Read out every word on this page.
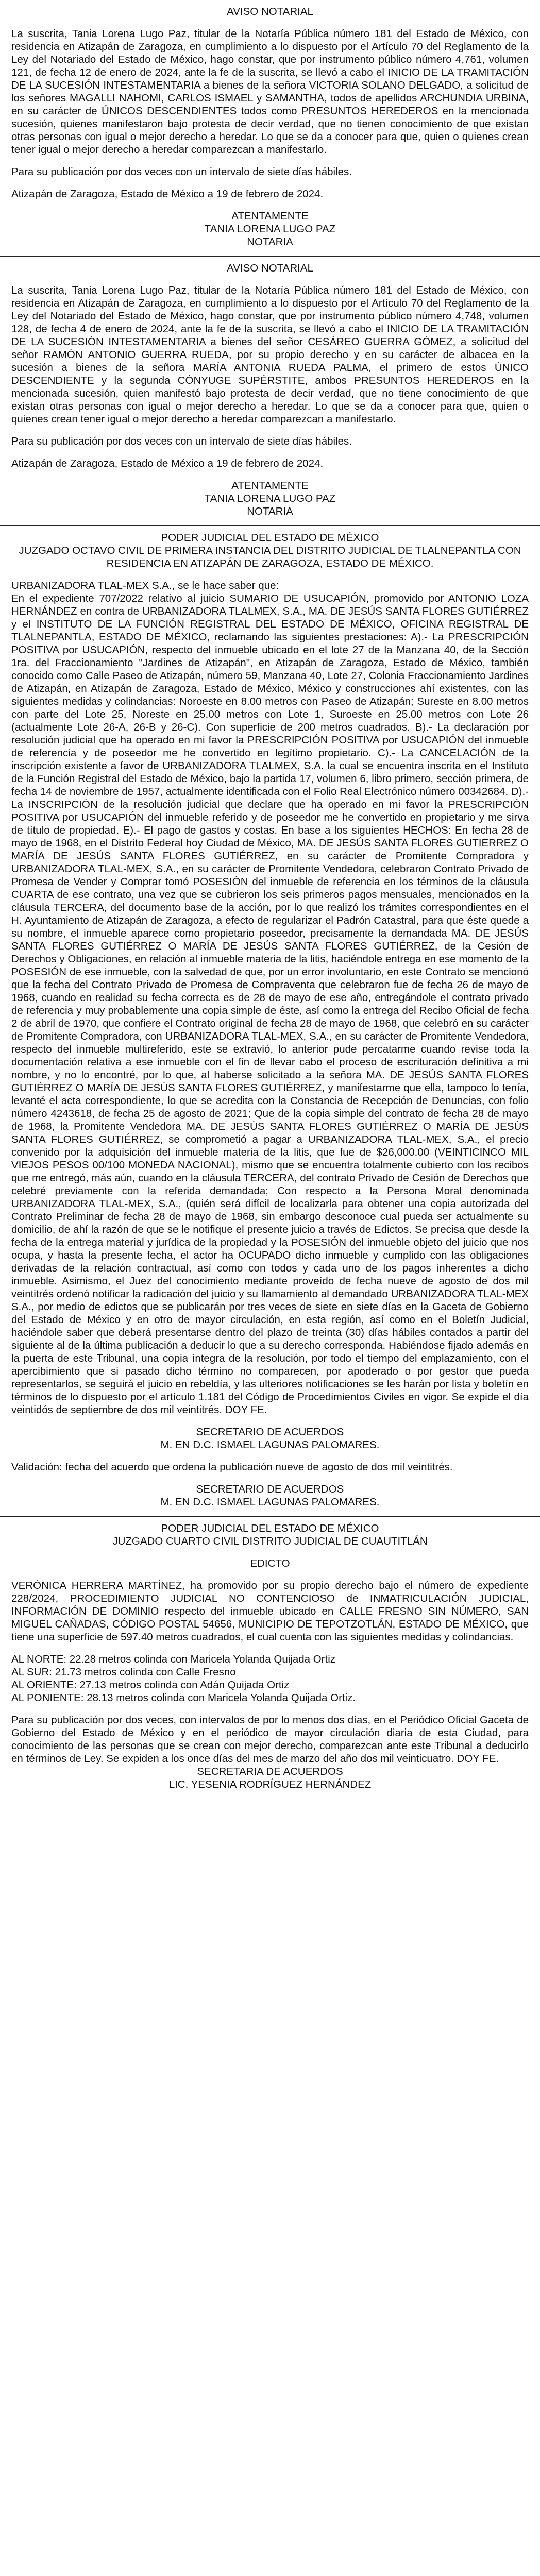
AVISO NOTARIAL

La suscrita, Tania Lorena Lugo Paz, titular de la Notaría Pública número 181 del Estado de México, con residencia en Atizapán de Zaragoza, en cumplimiento a lo dispuesto por el Artículo 70 del Reglamento de la Ley del Notariado del Estado de México, hago constar, que por instrumento público número 4,761, volumen 121, de fecha 12 de enero de 2024, ante la fe de la suscrita, se llevó a cabo el INICIO DE LA TRAMITACIÓN DE LA SUCESIÓN INTESTAMENTARIA a bienes de la señora VICTORIA SOLANO DELGADO, a solicitud de los señores MAGALLI NAHOMI, CARLOS ISMAEL y SAMANTHA, todos de apellidos ARCHUNDIA URBINA, en su carácter de ÚNICOS DESCENDIENTES todos como PRESUNTOS HEREDEROS en la mencionada sucesión, quienes manifestaron bajo protesta de decir verdad, que no tienen conocimiento de que existan otras personas con igual o mejor derecho a heredar. Lo que se da a conocer para que, quien o quienes crean tener igual o mejor derecho a heredar comparezcan a manifestarlo.

Para su publicación por dos veces con un intervalo de siete días hábiles.

Atizapán de Zaragoza, Estado de México a 19 de febrero de 2024.

ATENTAMENTE
TANIA LORENA LUGO PAZ
NOTARIA
AVISO NOTARIAL

La suscrita, Tania Lorena Lugo Paz, titular de la Notaría Pública número 181 del Estado de México, con residencia en Atizapán de Zaragoza, en cumplimiento a lo dispuesto por el Artículo 70 del Reglamento de la Ley del Notariado del Estado de México, hago constar, que por instrumento público número 4,748, volumen 128, de fecha 4 de enero de 2024, ante la fe de la suscrita, se llevó a cabo el INICIO DE LA TRAMITACIÓN DE LA SUCESIÓN INTESTAMENTARIA a bienes del señor CESÁREO GUERRA GÓMEZ, a solicitud del señor RAMÓN ANTONIO GUERRA RUEDA, por su propio derecho y en su carácter de albacea en la sucesión a bienes de la señora MARÍA ANTONIA RUEDA PALMA, el primero de estos ÚNICO DESCENDIENTE y la segunda CÓNYUGE SUPÉRSTITE, ambos PRESUNTOS HEREDEROS en la mencionada sucesión, quien manifestó bajo protesta de decir verdad, que no tiene conocimiento de que existan otras personas con igual o mejor derecho a heredar. Lo que se da a conocer para que, quien o quienes crean tener igual o mejor derecho a heredar comparezcan a manifestarlo.

Para su publicación por dos veces con un intervalo de siete días hábiles.

Atizapán de Zaragoza, Estado de México a 19 de febrero de 2024.

ATENTAMENTE
TANIA LORENA LUGO PAZ
NOTARIA
PODER JUDICIAL DEL ESTADO DE MÉXICO
JUZGADO OCTAVO CIVIL DE PRIMERA INSTANCIA DEL DISTRITO JUDICIAL DE TLALNEPANTLA CON RESIDENCIA EN ATIZAPÁN DE ZARAGOZA, ESTADO DE MÉXICO.

URBANIZADORA TLAL-MEX S.A., se le hace saber que:

En el expediente 707/2022 relativo al juicio SUMARIO DE USUCAPIÓN, promovido por ANTONIO LOZA HERNÁNDEZ en contra de URBANIZADORA TLALMEX, S.A., MA. DE JESÚS SANTA FLORES GUTIÉRREZ y el INSTITUTO DE LA FUNCIÓN REGISTRAL DEL ESTADO DE MÉXICO, OFICINA REGISTRAL DE TLALNEPANTLA, ESTADO DE MÉXICO, reclamando las siguientes prestaciones: A).- La PRESCRIPCIÓN POSITIVA por USUCAPIÓN, respecto del inmueble ubicado en el lote 27 de la Manzana 40, de la Sección 1ra. del Fraccionamiento "Jardines de Atizapán", en Atizapán de Zaragoza, Estado de México, también conocido como Calle Paseo de Atizapán, número 59, Manzana 40, Lote 27, Colonia Fraccionamiento Jardines de Atizapán, en Atizapán de Zaragoza, Estado de México, México y construcciones ahí existentes, con las siguientes medidas y colindancias: Noroeste en 8.00 metros con Paseo de Atizapán; Sureste en 8.00 metros con parte del Lote 25, Noreste en 25.00 metros con Lote 1, Suroeste en 25.00 metros con Lote 26 (actualmente Lote 26-A, 26-B y 26-C). Con superficie de 200 metros cuadrados. B).- La declaración por resolución judicial que ha operado en mi favor la PRESCRIPCIÓN POSITIVA por USUCAPIÓN del inmueble de referencia y de poseedor me he convertido en legítimo propietario. C).- La CANCELACIÓN de la inscripción existente a favor de URBANIZADORA TLALMEX, S.A. la cual se encuentra inscrita en el Instituto de la Función Registral del Estado de México, bajo la partida 17, volumen 6, libro primero, sección primera, de fecha 14 de noviembre de 1957, actualmente identificada con el Folio Real Electrónico número 00342684. D).- La INSCRIPCIÓN de la resolución judicial que declare que ha operado en mi favor la PRESCRIPCIÓN POSITIVA por USUCAPIÓN del inmueble referido y de poseedor me he convertido en propietario y me sirva de título de propiedad. E).- El pago de gastos y costas. En base a los siguientes HECHOS: En fecha 28 de mayo de 1968, en el Distrito Federal hoy Ciudad de México, MA. DE JESÚS SANTA FLORES GUTIERREZ O MARÍA DE JESÚS SANTA FLORES GUTIÉRREZ, en su carácter de Promitente Compradora y URBANIZADORA TLAL-MEX, S.A., en su carácter de Promitente Vendedora, celebraron Contrato Privado de Promesa de Vender y Comprar tomó POSESIÓN del inmueble de referencia en los términos de la cláusula CUARTA de ese contrato, una vez que se cubrieron los seis primeros pagos mensuales, mencionados en la cláusula TERCERA, del documento base de la acción, por lo que realizó los trámites correspondientes en el H. Ayuntamiento de Atizapán de Zaragoza, a efecto de regularizar el Padrón Catastral, para que éste quede a su nombre, el inmueble aparece como propietario poseedor, precisamente la demandada MA. DE JESÚS SANTA FLORES GUTIÉRREZ O MARÍA DE JESÚS SANTA FLORES GUTIÉRREZ, de la Cesión de Derechos y Obligaciones, en relación al inmueble materia de la litis, haciéndole entrega en ese momento de la POSESIÓN de ese inmueble, con la salvedad de que, por un error involuntario, en este Contrato se mencionó que la fecha del Contrato Privado de Promesa de Compraventa que celebraron fue de fecha 26 de mayo de 1968, cuando en realidad su fecha correcta es de 28 de mayo de ese año, entregándole el contrato privado de referencia y muy probablemente una copia simple de éste, así como la entrega del Recibo Oficial de fecha 2 de abril de 1970, que confiere el Contrato original de fecha 28 de mayo de 1968, que celebró en su carácter de Promitente Compradora, con URBANIZADORA TLAL-MEX, S.A., en su carácter de Promitente Vendedora, respecto del inmueble multireferido, este se extravió, lo anterior pude percatarme cuando revise toda la documentación relativa a ese inmueble con el fin de llevar cabo el proceso de escrituración definitiva a mi nombre, y no lo encontré, por lo que, al haberse solicitado a la señora MA. DE JESÚS SANTA FLORES GUTIÉRREZ O MARÍA DE JESÚS SANTA FLORES GUTIÉRREZ, y manifestarme que ella, tampoco lo tenía, levanté el acta correspondiente, lo que se acredita con la Constancia de Recepción de Denuncias, con folio número 4243618, de fecha 25 de agosto de 2021; Que de la copia simple del contrato de fecha 28 de mayo de 1968, la Promitente Vendedora MA. DE JESÚS SANTA FLORES GUTIÉRREZ O MARÍA DE JESÚS SANTA FLORES GUTIÉRREZ, se comprometió a pagar a URBANIZADORA TLAL-MEX, S.A., el precio convenido por la adquisición del inmueble materia de la litis, que fue de $26,000.00 (VEINTICINCO MIL VIEJOS PESOS 00/100 MONEDA NACIONAL), mismo que se encuentra totalmente cubierto con los recibos que me entregó, más aún, cuando en la cláusula TERCERA, del contrato Privado de Cesión de Derechos que celebré previamente con la referida demandada; Con respecto a la Persona Moral denominada URBANIZADORA TLAL-MEX, S.A., (quién será difícil de localizarla para obtener una copia autorizada del Contrato Preliminar de fecha 28 de mayo de 1968, sin embargo desconoce cual pueda ser actualmente su domicilio, de ahí la razón de que se le notifique el presente juicio a través de Edictos. Se precisa que desde la fecha de la entrega material y jurídica de la propiedad y la POSESIÓN del inmueble objeto del juicio que nos ocupa, y hasta la presente fecha, el actor ha OCUPADO dicho inmueble y cumplido con las obligaciones derivadas de la relación contractual, así como con todos y cada uno de los pagos inherentes a dicho inmueble. Asimismo, el Juez del conocimiento mediante proveído de fecha nueve de agosto de dos mil veintitrés ordenó notificar la radicación del juicio y su llamamiento al demandado URBANIZADORA TLAL-MEX S.A., por medio de edictos que se publicarán por tres veces de siete en siete días en la Gaceta de Gobierno del Estado de México y en otro de mayor circulación, en esta región, así como en el Boletín Judicial, haciéndole saber que deberá presentarse dentro del plazo de treinta (30) días hábiles contados a partir del siguiente al de la última publicación a deducir lo que a su derecho corresponda. Habiéndose fijado además en la puerta de este Tribunal, una copia íntegra de la resolución, por todo el tiempo del emplazamiento, con el apercibimiento que si pasado dicho término no comparecen, por apoderado o por gestor que pueda representarlos, se seguirá el juicio en rebeldía, y las ulteriores notificaciones se les harán por lista y boletín en términos de lo dispuesto por el artículo 1.181 del Código de Procedimientos Civiles en vigor. Se expide el día veintidós de septiembre de dos mil veintitrés. DOY FE.

SECRETARIO DE ACUERDOS
M. EN D.C. ISMAEL LAGUNAS PALOMARES.

Validación: fecha del acuerdo que ordena la publicación nueve de agosto de dos mil veintitrés.

SECRETARIO DE ACUERDOS
M. EN D.C. ISMAEL LAGUNAS PALOMARES.
PODER JUDICIAL DEL ESTADO DE MÉXICO
JUZGADO CUARTO CIVIL DISTRITO JUDICIAL DE CUAUTITLÁN
EDICTO

VERÓNICA HERRERA MARTÍNEZ, ha promovido por su propio derecho bajo el número de expediente 228/2024, PROCEDIMIENTO JUDICIAL NO CONTENCIOSO de INMATRICULACIÓN JUDICIAL, INFORMACIÓN DE DOMINIO respecto del inmueble ubicado en CALLE FRESNO SIN NÚMERO, SAN MIGUEL CAÑADAS, CÓDIGO POSTAL 54656, MUNICIPIO DE TEPOTZOTLÁN, ESTADO DE MÉXICO, que tiene una superficie de 597.40 metros cuadrados, el cual cuenta con las siguientes medidas y colindancias.

AL NORTE: 22.28 metros colinda con Maricela Yolanda Quijada Ortiz

AL SUR: 21.73 metros colinda con Calle Fresno

AL ORIENTE: 27.13 metros colinda con Adán Quijada Ortiz

AL PONIENTE: 28.13 metros colinda con Maricela Yolanda Quijada Ortiz.

Para su publicación por dos veces, con intervalos de por lo menos dos días, en el Periódico Oficial Gaceta de Gobierno del Estado de México y en el periódico de mayor circulación diaria de esta Ciudad, para conocimiento de las personas que se crean con mejor derecho, comparezcan ante este Tribunal a deducirlo en términos de Ley. Se expiden a los once días del mes de marzo del año dos mil veinticuatro. DOY FE.

SECRETARIA DE ACUERDOS
LIC. YESENIA RODRÍGUEZ HERNÁNDEZ
